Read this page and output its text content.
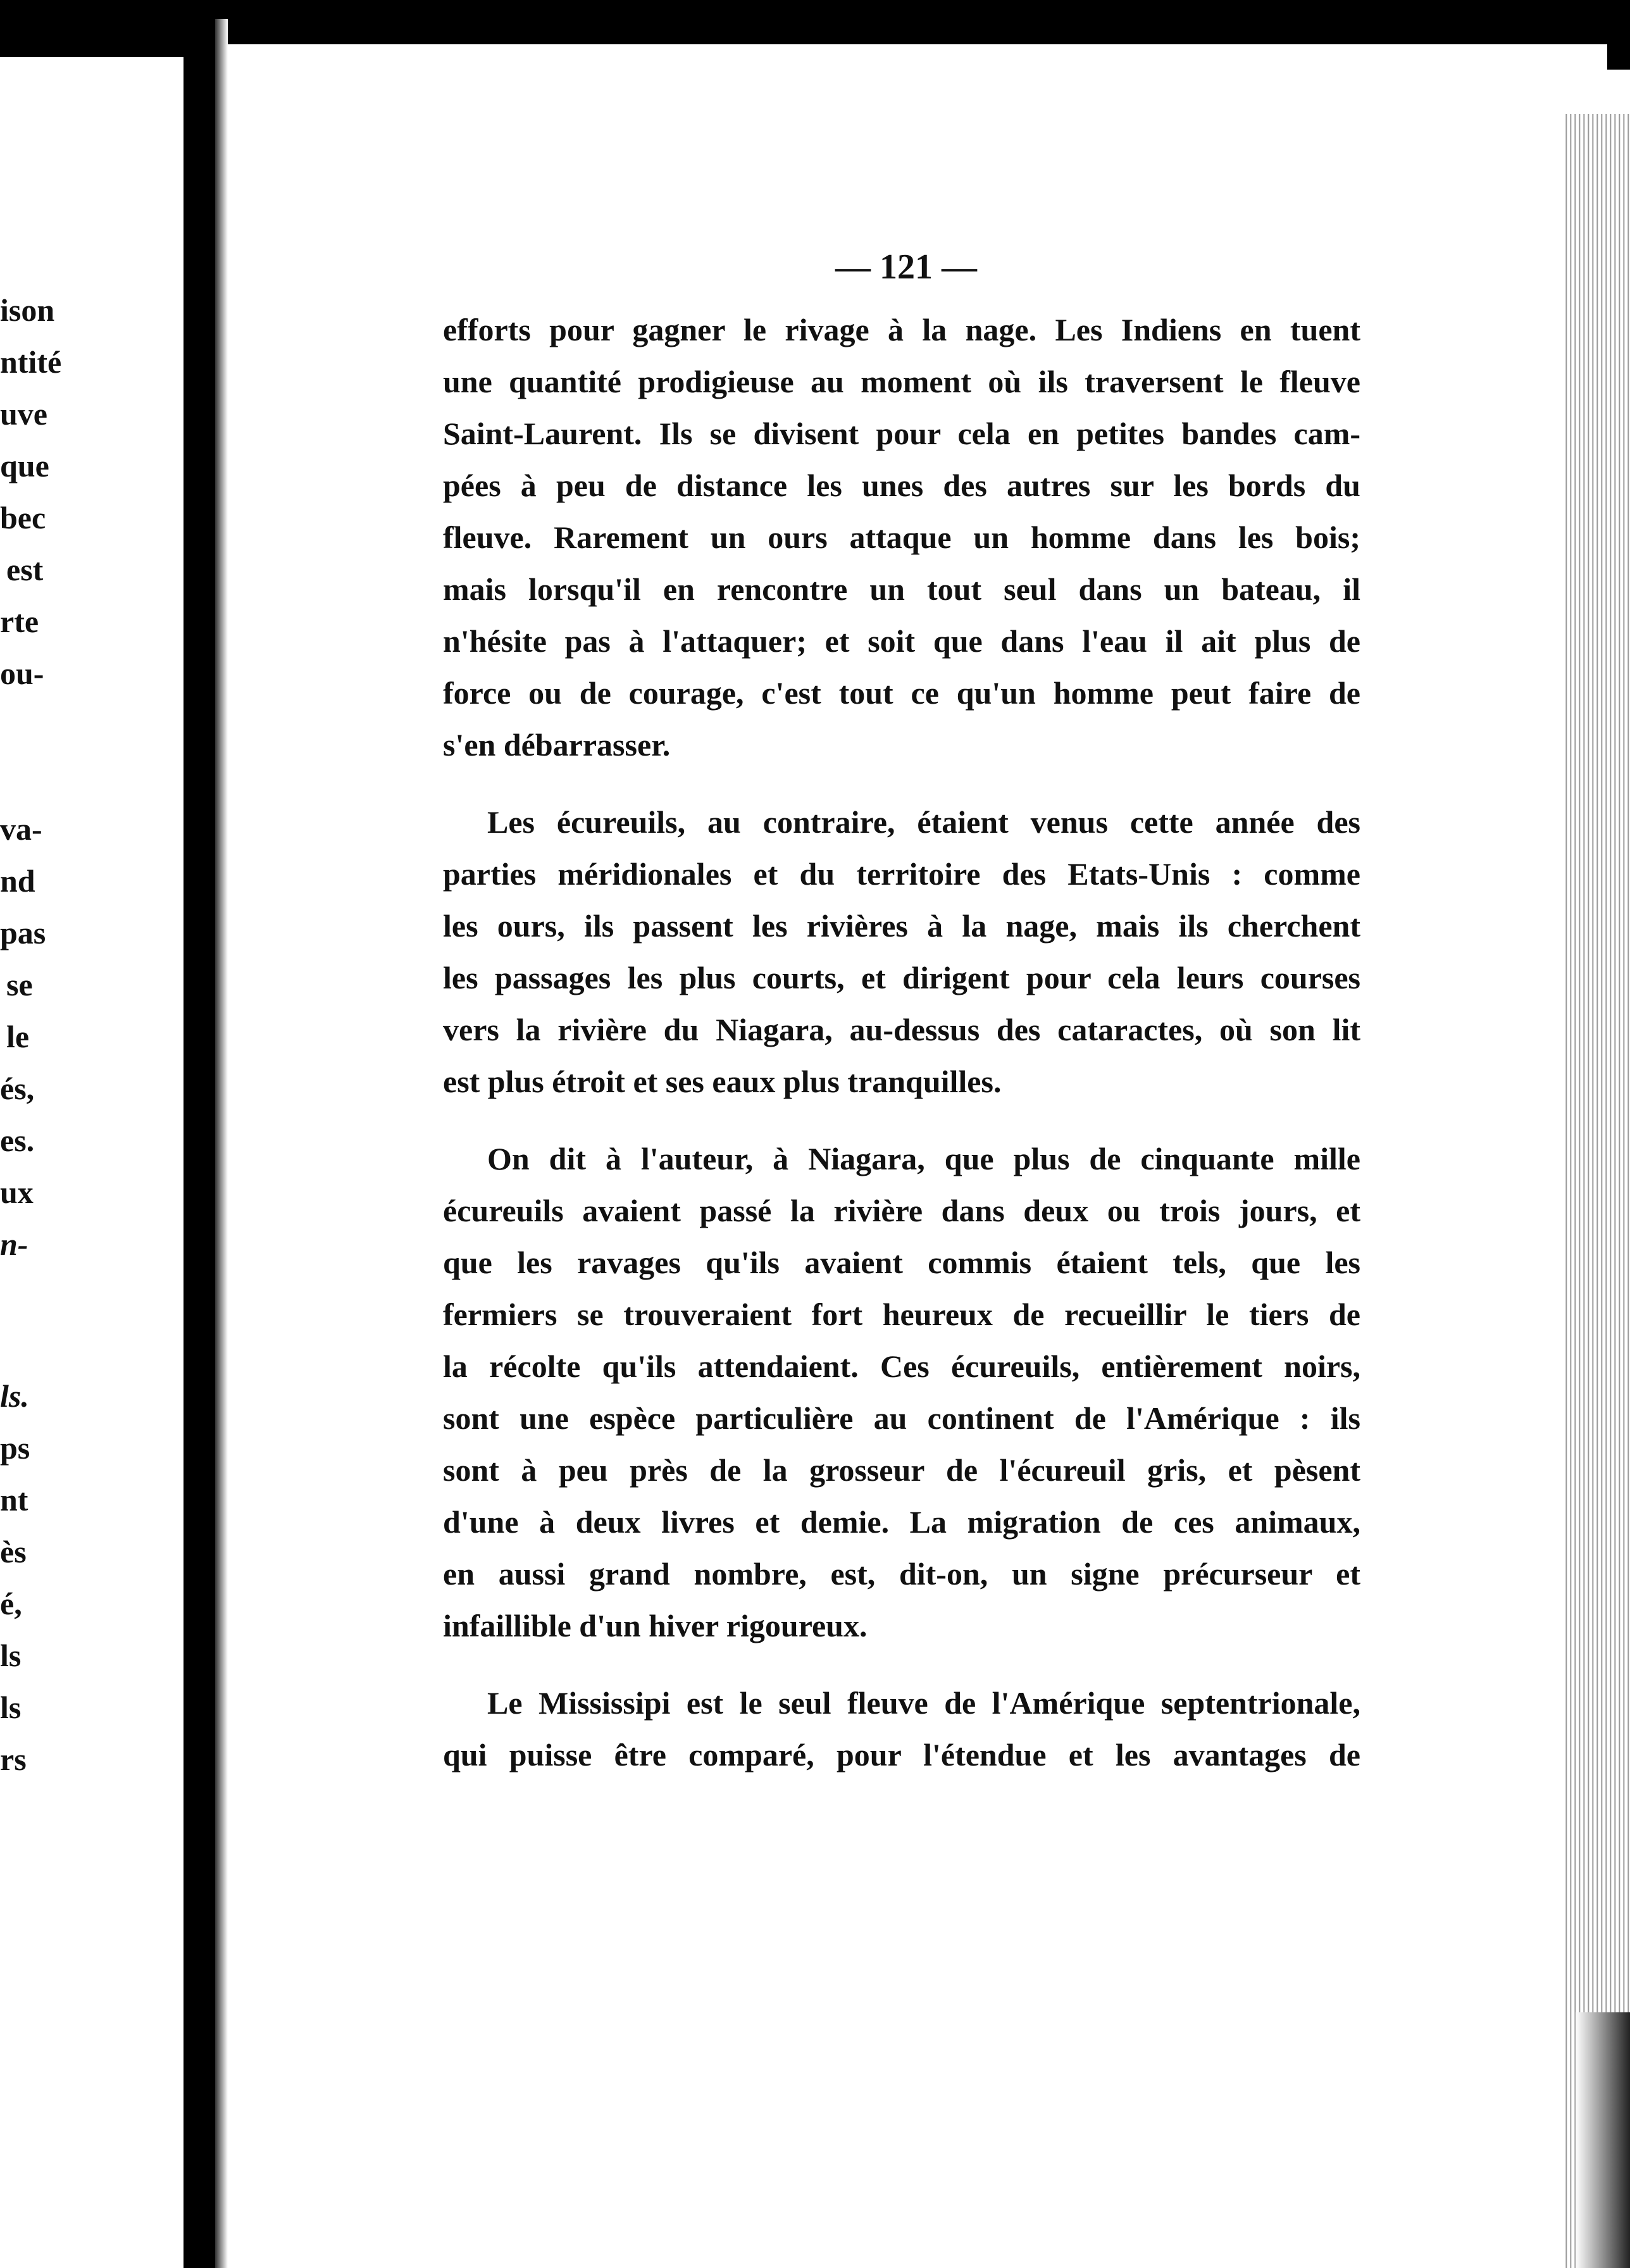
ison
ntité
uve
que
bec
est
rte
ou-
va-
nd
pas
se
le
és,
es.
ux
n-
ls.
ps
nt
ès
é,
ls
ls
rs
— 121 —
efforts pour gagner le rivage à la nage. Les Indiens en tuent
une quantité prodigieuse au moment où ils traversent le fleuve
Saint-Laurent. Ils se divisent pour cela en petites bandes cam-
pées à peu de distance les unes des autres sur les bords du
fleuve. Rarement un ours attaque un homme dans les bois;
mais lorsqu'il en rencontre un tout seul dans un bateau, il
n'hésite pas à l'attaquer; et soit que dans l'eau il ait plus de
force ou de courage, c'est tout ce qu'un homme peut faire de
s'en débarrasser.
Les écureuils, au contraire, étaient venus cette année des
parties méridionales et du territoire des Etats-Unis : comme
les ours, ils passent les rivières à la nage, mais ils cherchent
les passages les plus courts, et dirigent pour cela leurs courses
vers la rivière du Niagara, au-dessus des cataractes, où son lit
est plus étroit et ses eaux plus tranquilles.
On dit à l'auteur, à Niagara, que plus de cinquante mille
écureuils avaient passé la rivière dans deux ou trois jours, et
que les ravages qu'ils avaient commis étaient tels, que les
fermiers se trouveraient fort heureux de recueillir le tiers de
la récolte qu'ils attendaient. Ces écureuils, entièrement noirs,
sont une espèce particulière au continent de l'Amérique : ils
sont à peu près de la grosseur de l'écureuil gris, et pèsent
d'une à deux livres et demie. La migration de ces animaux,
en aussi grand nombre, est, dit-on, un signe précurseur et
infaillible d'un hiver rigoureux.
Le Mississipi est le seul fleuve de l'Amérique septentrionale,
qui puisse être comparé, pour l'étendue et les avantages de
